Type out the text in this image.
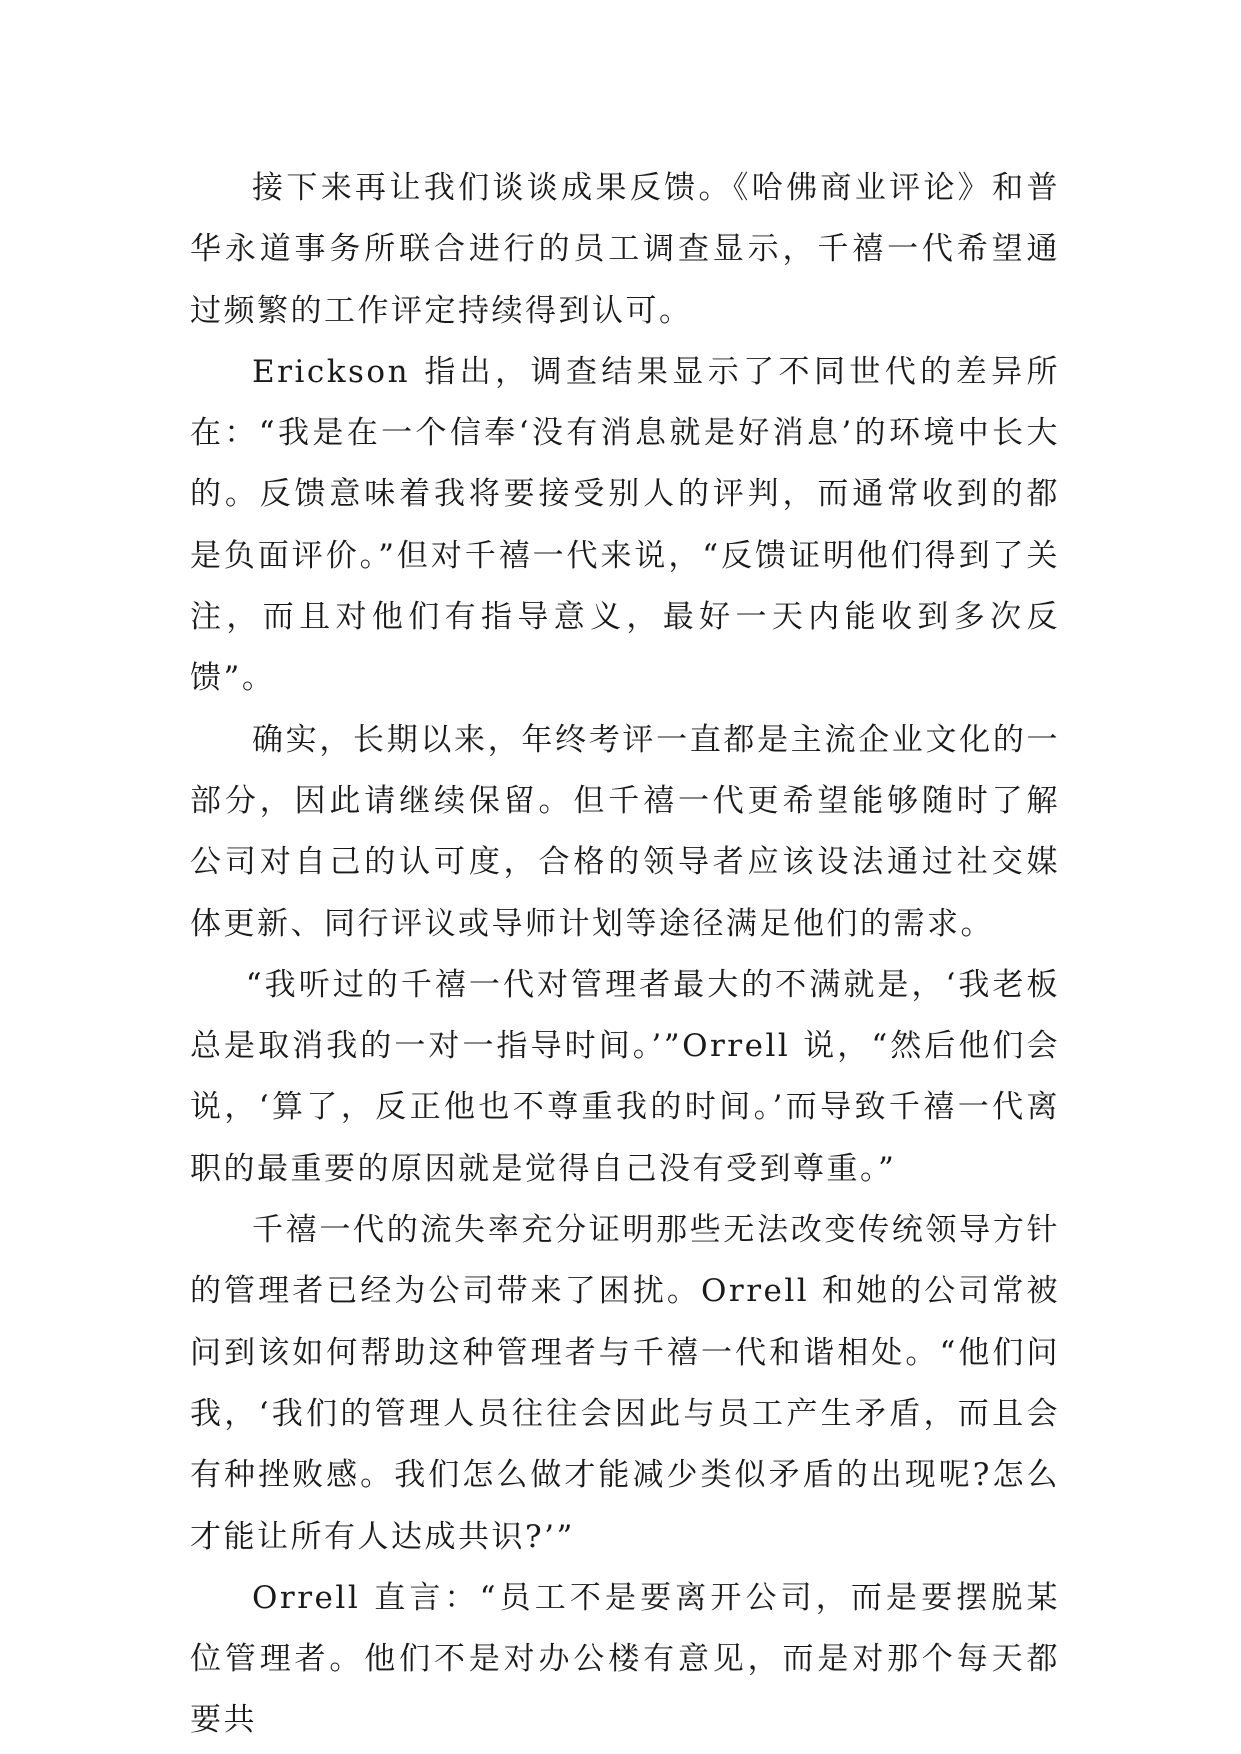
接下来再让我们谈谈成果反馈。《哈佛商业评论》和普华永道事务所联合进行的员工调查显示，千禧一代希望通过频繁的工作评定持续得到认可。

Erickson 指出，调查结果显示了不同世代的差异所在：“我是在一个信奉‘没有消息就是好消息’的环境中长大的。反馈意味着我将要接受别人的评判，而通常收到的都是负面评价。”但对千禧一代来说，“反馈证明他们得到了关注，而且对他们有指导意义，最好一天内能收到多次反馈”。

确实，长期以来，年终考评一直都是主流企业文化的一部分，因此请继续保留。但千禧一代更希望能够随时了解公司对自己的认可度，合格的领导者应该设法通过社交媒体更新、同行评议或导师计划等途径满足他们的需求。

“我听过的千禧一代对管理者最大的不满就是，‘我老板总是取消我的一对一指导时间。’”Orrell 说，“然后他们会说，‘算了，反正他也不尊重我的时间。’而导致千禧一代离职的最重要的原因就是觉得自己没有受到尊重。”

千禧一代的流失率充分证明那些无法改变传统领导方针的管理者已经为公司带来了困扰。Orrell 和她的公司常被问到该如何帮助这种管理者与千禧一代和谐相处。“他们问我，‘我们的管理人员往往会因此与员工产生矛盾，而且会有种挫败感。我们怎么做才能减少类似矛盾的出现呢?怎么才能让所有人达成共识?’”

Orrell 直言：“员工不是要离开公司，而是要摆脱某位管理者。他们不是对办公楼有意见，而是对那个每天都要共
